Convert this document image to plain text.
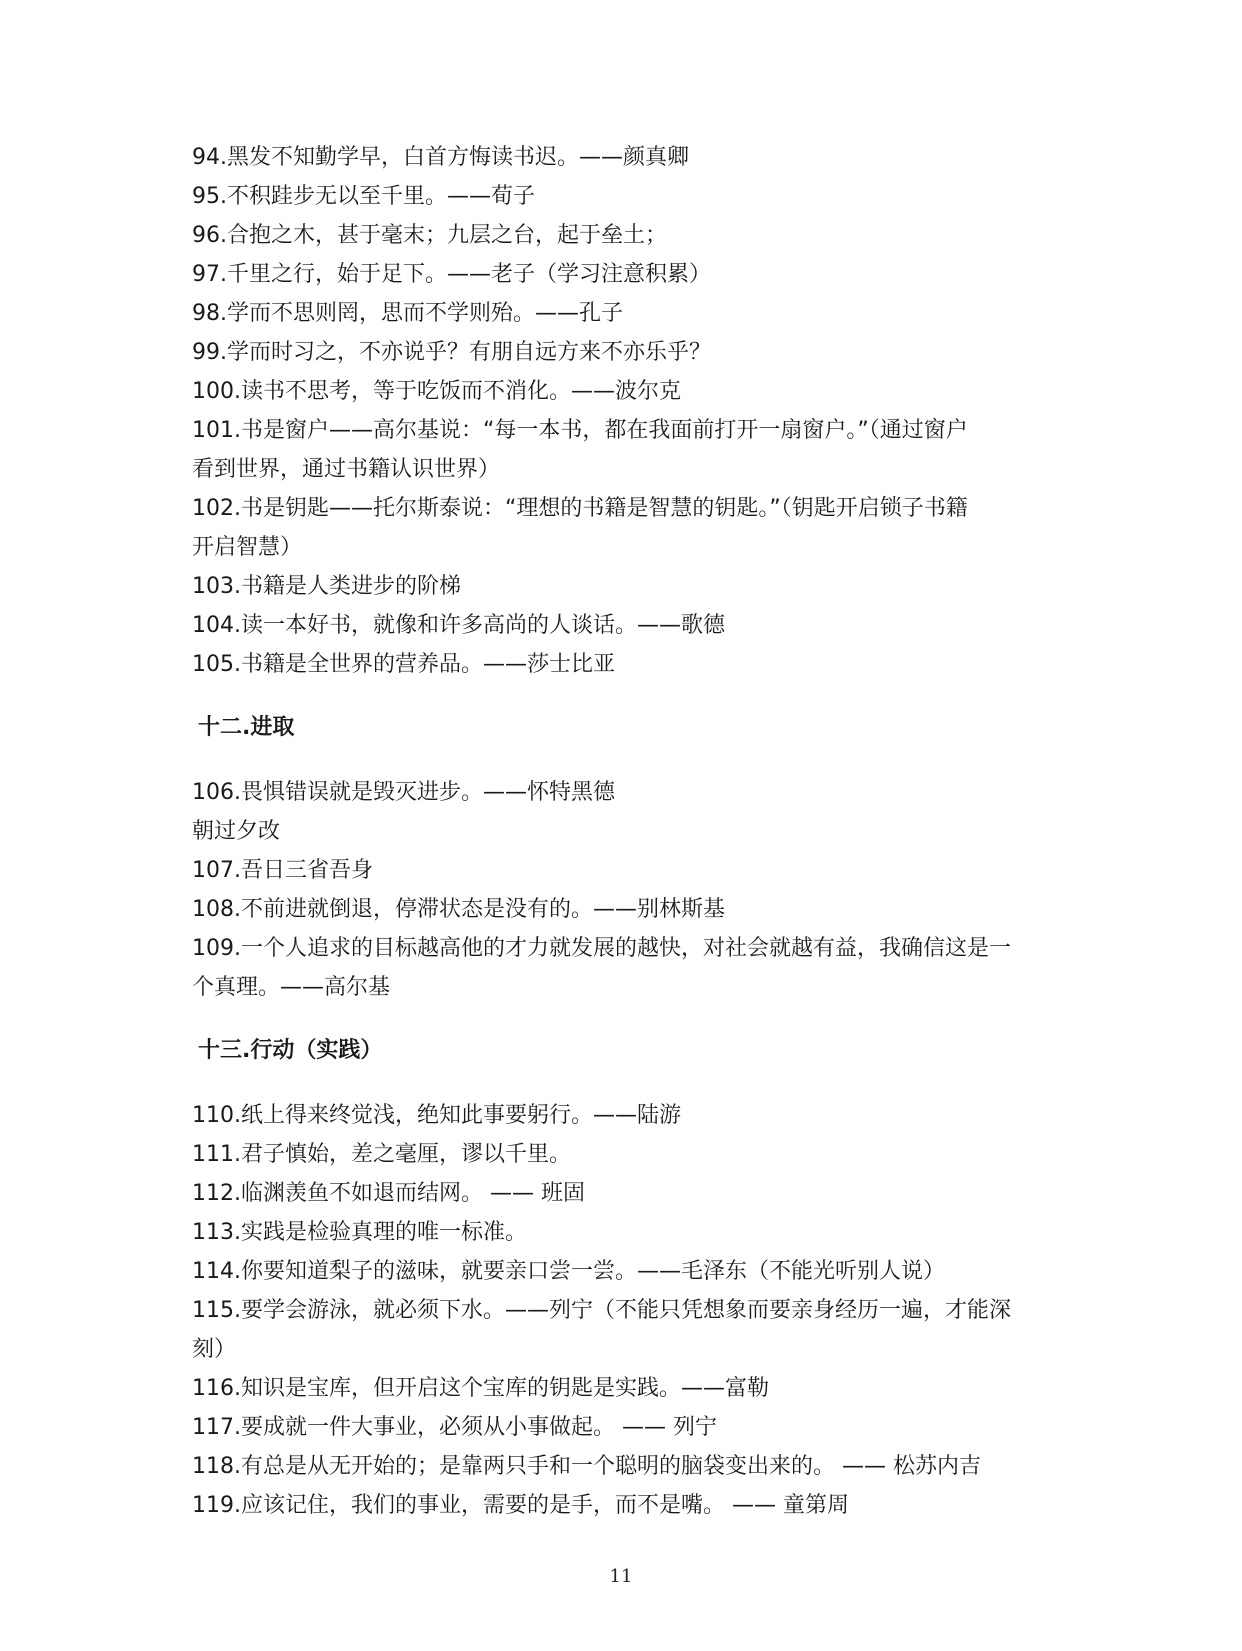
94.黑发不知勤学早，白首方悔读书迟。——颜真卿
95.不积跬步无以至千里。——荀子
96.合抱之木，甚于毫末；九层之台，起于垒土；
97.千里之行，始于足下。——老子（学习注意积累）
98.学而不思则罔，思而不学则殆。——孔子
99.学而时习之，不亦说乎？有朋自远方来不亦乐乎？
100.读书不思考，等于吃饭而不消化。——波尔克
101.书是窗户——高尔基说：“每一本书，都在我面前打开一扇窗户。”（通过窗户
看到世界，通过书籍认识世界）
102.书是钥匙——托尔斯泰说：“理想的书籍是智慧的钥匙。”（钥匙开启锁子书籍
开启智慧）
103.书籍是人类进步的阶梯
104.读一本好书，就像和许多高尚的人谈话。——歌德
105.书籍是全世界的营养品。——莎士比亚
十二.进取
106.畏惧错误就是毁灭进步。——怀特黑德
朝过夕改
107.吾日三省吾身
108.不前进就倒退，停滞状态是没有的。——别林斯基
109.一个人追求的目标越高他的才力就发展的越快，对社会就越有益，我确信这是一
个真理。——高尔基
十三.行动（实践）
110.纸上得来终觉浅，绝知此事要躬行。——陆游
111.君子慎始，差之毫厘，谬以千里。
112.临渊羡鱼不如退而结网。 —— 班固
113.实践是检验真理的唯一标准。
114.你要知道梨子的滋味，就要亲口尝一尝。——毛泽东（不能光听别人说）
115.要学会游泳，就必须下水。——列宁（不能只凭想象而要亲身经历一遍，才能深
刻）
116.知识是宝库，但开启这个宝库的钥匙是实践。——富勒
117.要成就一件大事业，必须从小事做起。 —— 列宁
118.有总是从无开始的；是靠两只手和一个聪明的脑袋变出来的。 —— 松苏内吉
119.应该记住，我们的事业，需要的是手，而不是嘴。 —— 童第周
11
